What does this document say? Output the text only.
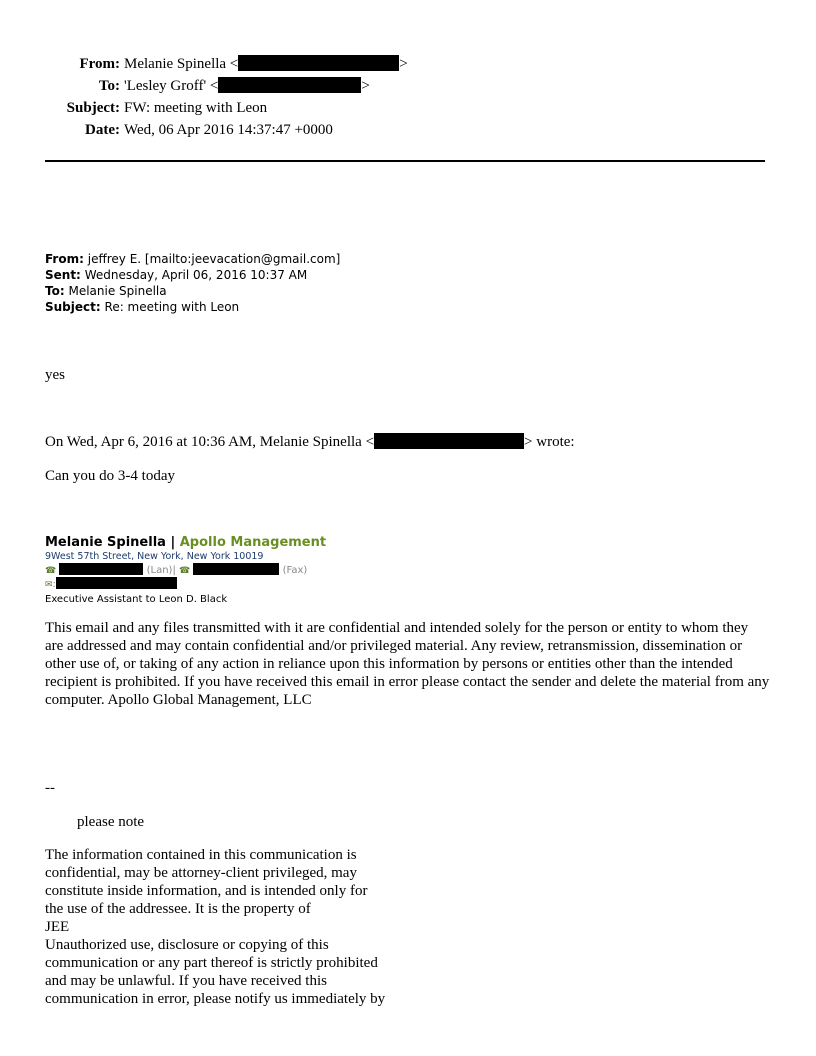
From: Melanie Spinella <	>
To: 'Lesley Groff' <	>
Subject: FW: meeting with Leon
Date: Wed, 06 Apr 2016 14:37:47 +0000
From: jeffrey E. [mailto:jeevacation@gmail.com]
Sent: Wednesday, April 06, 2016 10:37 AM
To: Melanie Spinella
Subject: Re: meeting with Leon
yes
On Wed, Apr 6, 2016 at 10:36 AM, Melanie Spinella <	> wrote:
Can you do 3-4 today
Melanie Spinella | Apollo Management
9West 57th Street, New York, New York 10019
☎	(Lan)| ☎	(Fax)
✉:
Executive Assistant to Leon D. Black
This email and any files transmitted with it are confidential and intended solely for the person or entity to whom they are addressed and may contain confidential and/or privileged material. Any review, retransmission, dissemination or other use of, or taking of any action in reliance upon this information by persons or entities other than the intended recipient is prohibited. If you have received this email in error please contact the sender and delete the material from any computer. Apollo Global Management, LLC
--
please note

The information contained in this communication is

confidential, may be attorney-client privileged, may

constitute inside information, and is intended only for

the use of the addressee. It is the property of

JEE

Unauthorized use, disclosure or copying of this

communication or any part thereof is strictly prohibited

and may be unlawful. If you have received this

communication in error, please notify us immediately by
